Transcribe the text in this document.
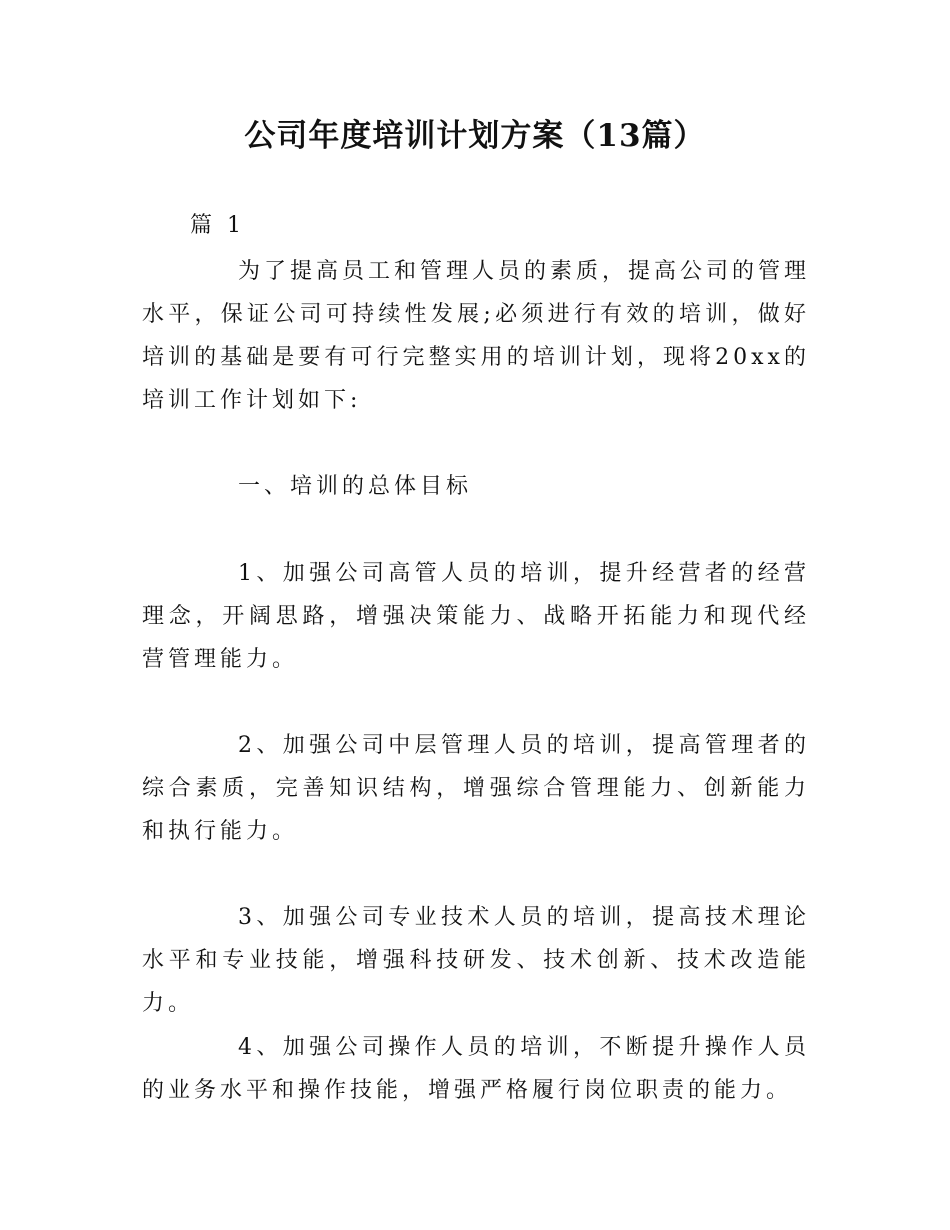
公司年度培训计划方案（13篇）

篇 1

为了提高员工和管理人员的素质，提高公司的管理水平，保证公司可持续性发展;必须进行有效的培训，做好培训的基础是要有可行完整实用的培训计划，现将20xx的培训工作计划如下:

一、培训的总体目标

1、加强公司高管人员的培训，提升经营者的经营理念，开阔思路，增强决策能力、战略开拓能力和现代经营管理能力。

2、加强公司中层管理人员的培训，提高管理者的综合素质，完善知识结构，增强综合管理能力、创新能力和执行能力。

3、加强公司专业技术人员的培训，提高技术理论水平和专业技能，增强科技研发、技术创新、技术改造能力。

4、加强公司操作人员的培训，不断提升操作人员的业务水平和操作技能，增强严格履行岗位职责的能力。
